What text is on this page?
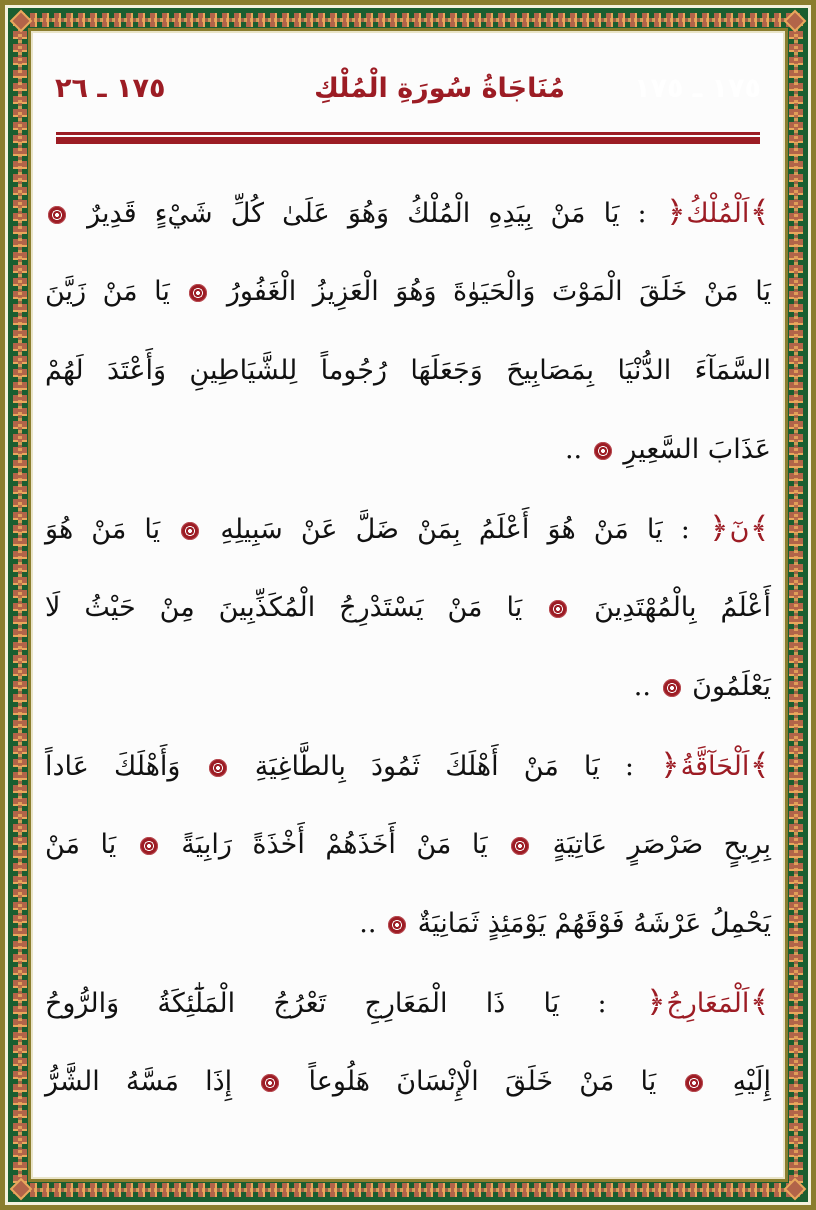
١٧٥ ـ ١٧٥
مُنَاجَاةُ سُورَةِ الْمُلْكِ
١٧٥ ـ ٢٦
﴾اَلْمُلْكُ﴿ : يَا مَنْ بِيَدِهِ الْمُلْكُ وَهُوَ عَلَىٰ كُلِّ شَيْءٍ قَدِيرٌ
يَا مَنْ خَلَقَ الْمَوْتَ وَالْحَيَوٰةَ وَهُوَ الْعَزِيزُ الْغَفُورُ  يَا مَنْ زَيَّنَ
السَّمَآءَ الدُّنْيَا بِمَصَابِيحَ وَجَعَلَهَا رُجُوماً لِلشَّيَاطِينِ وَأَعْتَدَ لَهُمْ
عَذَابَ السَّعِيرِ  ..
﴾نٓ﴿ : يَا مَنْ هُوَ أَعْلَمُ بِمَنْ ضَلَّ عَنْ سَبِيلِهِ  يَا مَنْ هُوَ
أَعْلَمُ بِالْمُهْتَدِينَ  يَا مَنْ يَسْتَدْرِجُ الْمُكَذِّبِينَ مِنْ حَيْثُ لَا
يَعْلَمُونَ  ..
﴾اَلْحَآقَّةُ﴿ : يَا مَنْ أَهْلَكَ ثَمُودَ بِالطَّاغِيَةِ  وَأَهْلَكَ عَاداً
بِرِيحٍ صَرْصَرٍ عَاتِيَةٍ  يَا مَنْ أَخَذَهُمْ أَخْذَةً رَابِيَةً  يَا مَنْ
يَحْمِلُ عَرْشَهُ فَوْقَهُمْ يَوْمَئِذٍ ثَمَانِيَةٌ  ..
﴾اَلْمَعَارِجُ﴿ : يَا ذَا الْمَعَارِجِ تَعْرُجُ الْمَلَٰٓئِكَةُ وَالرُّوحُ
إِلَيْهِ  يَا مَنْ خَلَقَ الْإِنْسَانَ هَلُوعاً  إِذَا مَسَّهُ الشَّرُّ
